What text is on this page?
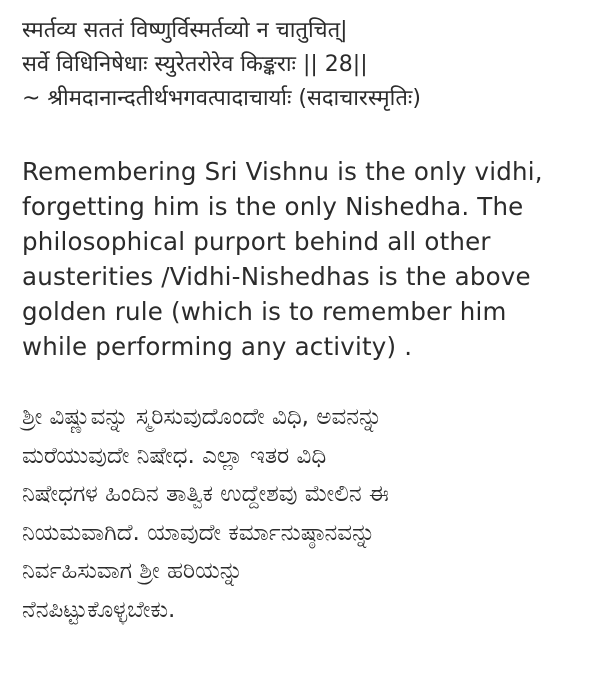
स्मर्तव्य सततं विष्णुर्विस्मर्तव्यो न चातुचित्|
सर्वे विधिनिषेधाः स्युरेतरोरेव किङ्कराः || 28||
~ श्रीमदानान्दतीर्थभगवत्पादाचार्याः (सदाचारस्मृतिः)
Remembering Sri Vishnu is the only vidhi,
forgetting him is the only Nishedha. The
philosophical purport behind all other
austerities /Vidhi-Nishedhas is the above
golden rule (which is to remember him
while performing any activity) .
ಶ್ರೀ ವಿಷ್ಣುವನ್ನು ಸ್ಮರಿಸುವುದೊಂದೇ ವಿಧಿ, ಅವನನ್ನು
ಮರೆಯುವುದೇ ನಿಷೇಧ. ಎಲ್ಲಾ ಇತರ ವಿಧಿ
ನಿಷೇಧಗಳ ಹಿಂದಿನ ತಾತ್ವಿಕ ಉದ್ದೇಶವು ಮೇಲಿನ ಈ
ನಿಯಮವಾಗಿದೆ. ಯಾವುದೇ ಕರ್ಮಾನುಷ್ಠಾನವನ್ನು
ನಿರ್ವಹಿಸುವಾಗ ಶ್ರೀ ಹರಿಯನ್ನು
ನೆನಪಿಟ್ಟುಕೊಳ್ಳಬೇಕು.
